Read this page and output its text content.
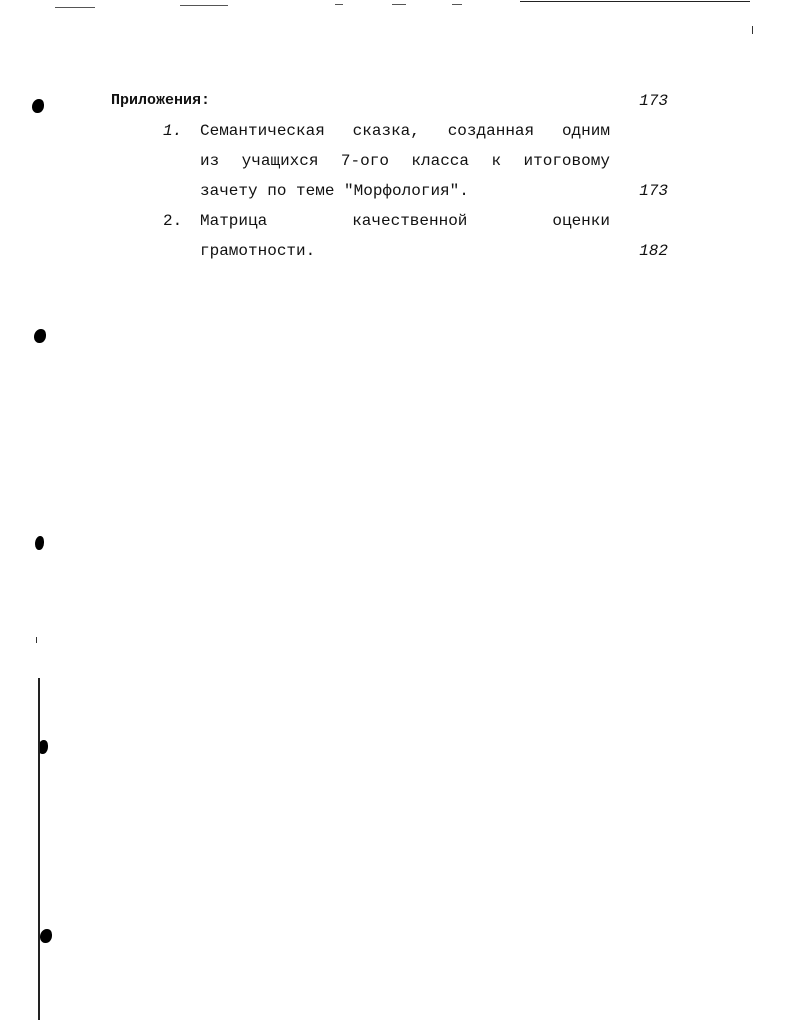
Приложения:	173
1. Семантическая сказка, созданная одним
из учащихся 7-ого класса к итоговому
зачету по теме "Морфология".	173
2. Матрица	качественной	оценки
грамотности.	182
